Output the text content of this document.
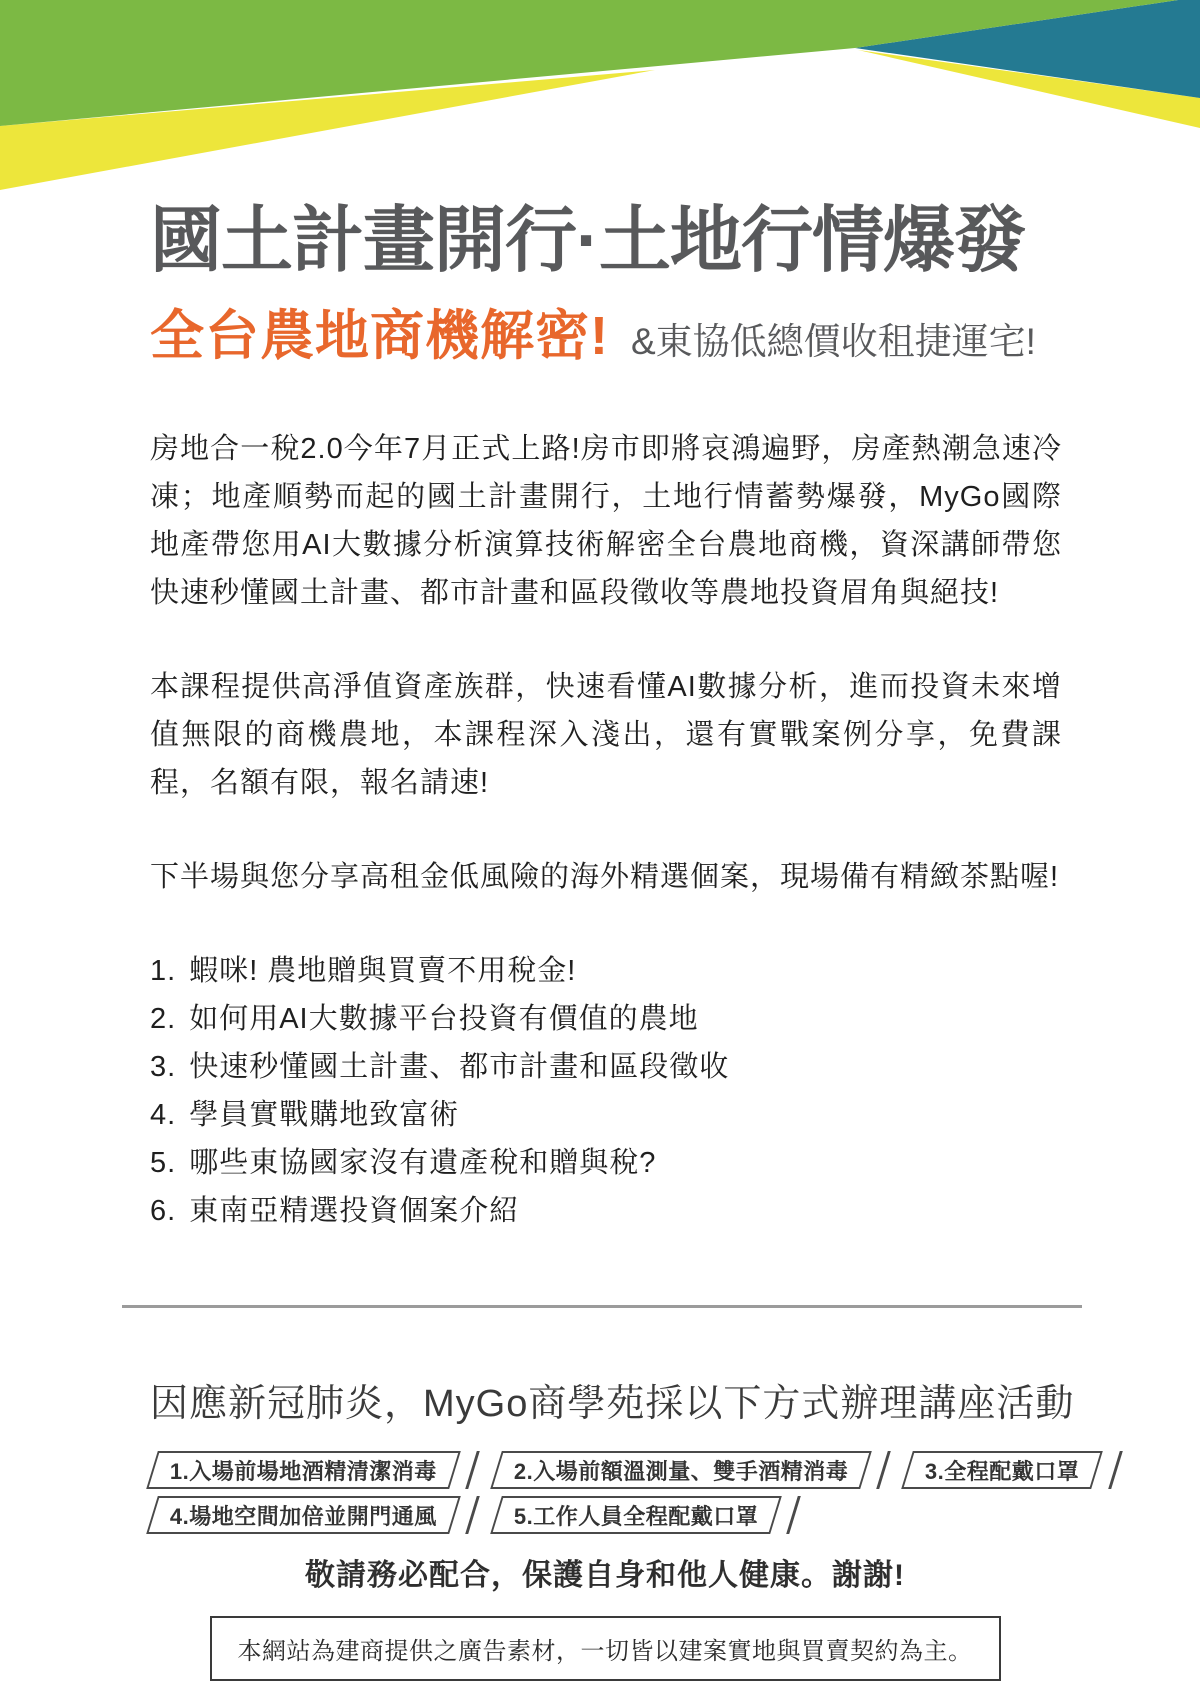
國土計畫開行·土地行情爆發
全台農地商機解密! &東協低總價收租捷運宅!
房地合一稅2.0今年7月正式上路!房市即將哀鴻遍野，房產熱潮急速冷凍；地產順勢而起的國土計畫開行，土地行情蓄勢爆發，MyGo國際地產帶您用AI大數據分析演算技術解密全台農地商機，資深講師帶您快速秒懂國土計畫、都市計畫和區段徵收等農地投資眉角與絕技!
本課程提供高淨值資產族群，快速看懂AI數據分析，進而投資未來增值無限的商機農地，本課程深入淺出，還有實戰案例分享，免費課程，名額有限，報名請速!
下半場與您分享高租金低風險的海外精選個案，現場備有精緻茶點喔!
1. 蝦咪! 農地贈與買賣不用稅金!
2. 如何用AI大數據平台投資有價值的農地
3. 快速秒懂國土計畫、都市計畫和區段徵收
4. 學員實戰購地致富術
5. 哪些東協國家沒有遺產稅和贈與稅?
6. 東南亞精選投資個案介紹
因應新冠肺炎，MyGo商學苑採以下方式辦理講座活動
1.入場前場地酒精清潔消毒	2.入場前額溫測量、雙手酒精消毒	3.全程配戴口罩
4.場地空間加倍並開門通風	5.工作人員全程配戴口罩
敬請務必配合，保護自身和他人健康。謝謝!
本網站為建商提供之廣告素材，一切皆以建案實地與買賣契約為主。
